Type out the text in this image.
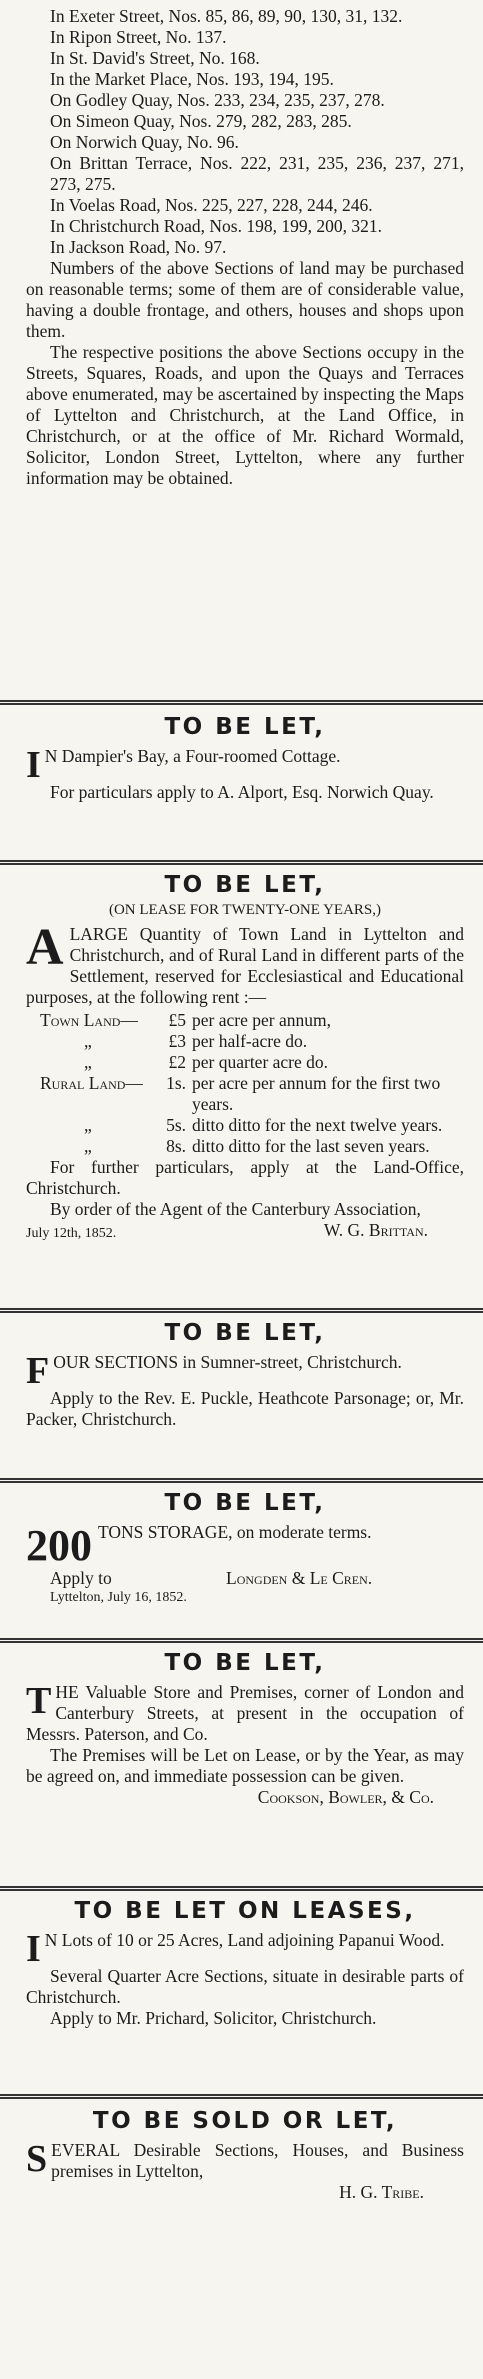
In Exeter Street, Nos. 85, 86, 89, 90, 130, 31, 132.

In Ripon Street, No. 137.

In St. David's Street, No. 168.

In the Market Place, Nos. 193, 194, 195.

On Godley Quay, Nos. 233, 234, 235, 237, 278.

On Simeon Quay, Nos. 279, 282, 283, 285.

On Norwich Quay, No. 96.

On Brittan Terrace, Nos. 222, 231, 235, 236, 237, 271, 273, 275.

In Voelas Road, Nos. 225, 227, 228, 244, 246.

In Christchurch Road, Nos. 198, 199, 200, 321.

In Jackson Road, No. 97.

Numbers of the above Sections of land may be purchased on reasonable terms; some of them are of considerable value, having a double frontage, and others, houses and shops upon them.

The respective positions the above Sections occupy in the Streets, Squares, Roads, and upon the Quays and Terraces above enumerated, may be ascertained by inspecting the Maps of Lyttelton and Christchurch, at the Land Office, in Christchurch, or at the office of Mr. Richard Wormald, Solicitor, London Street, Lyttelton, where any further information may be obtained.

TO BE LET,

I N Dampier's Bay, a Four-roomed Cottage.

For particulars apply to A. Alport, Esq. Norwich Quay.

TO BE LET,

(ON LEASE FOR TWENTY-ONE YEARS,)

A LARGE Quantity of Town Land in Lyttelton and Christchurch, and of Rural Land in different parts of the Settlement, reserved for Ecclesiastical and Educational purposes, at the following rent :—

Town Land—	£5 per acre per annum,
„	£3 per half-acre do.
„	£2 per quarter acre do.
Rural Land—	1s. per acre per annum for the first two years.
„	5s. ditto ditto for the next twelve years.
„	8s. ditto ditto for the last seven years.

For further particulars, apply at the Land-Office, Christchurch.

By order of the Agent of the Canterbury Association,

July 12th, 1852.	W. G. Brittan.

TO BE LET,

F OUR SECTIONS in Sumner-street, Christchurch.

Apply to the Rev. E. Puckle, Heathcote Parsonage; or, Mr. Packer, Christchurch.

TO BE LET,

200 TONS STORAGE, on moderate terms.

Apply to	Longden & Le Cren.

Lyttelton, July 16, 1852.

TO BE LET,

T HE Valuable Store and Premises, corner of London and Canterbury Streets, at present in the occupation of Messrs. Paterson, and Co.

The Premises will be Let on Lease, or by the Year, as may be agreed on, and immediate possession can be given.

Cookson, Bowler, & Co.

TO BE LET ON LEASES,

I N Lots of 10 or 25 Acres, Land adjoining Papanui Wood.

Several Quarter Acre Sections, situate in desirable parts of Christchurch.

Apply to Mr. Prichard, Solicitor, Christchurch.

TO BE SOLD OR LET,

S EVERAL Desirable Sections, Houses, and Business premises in Lyttelton,

H. G. Tribe.
